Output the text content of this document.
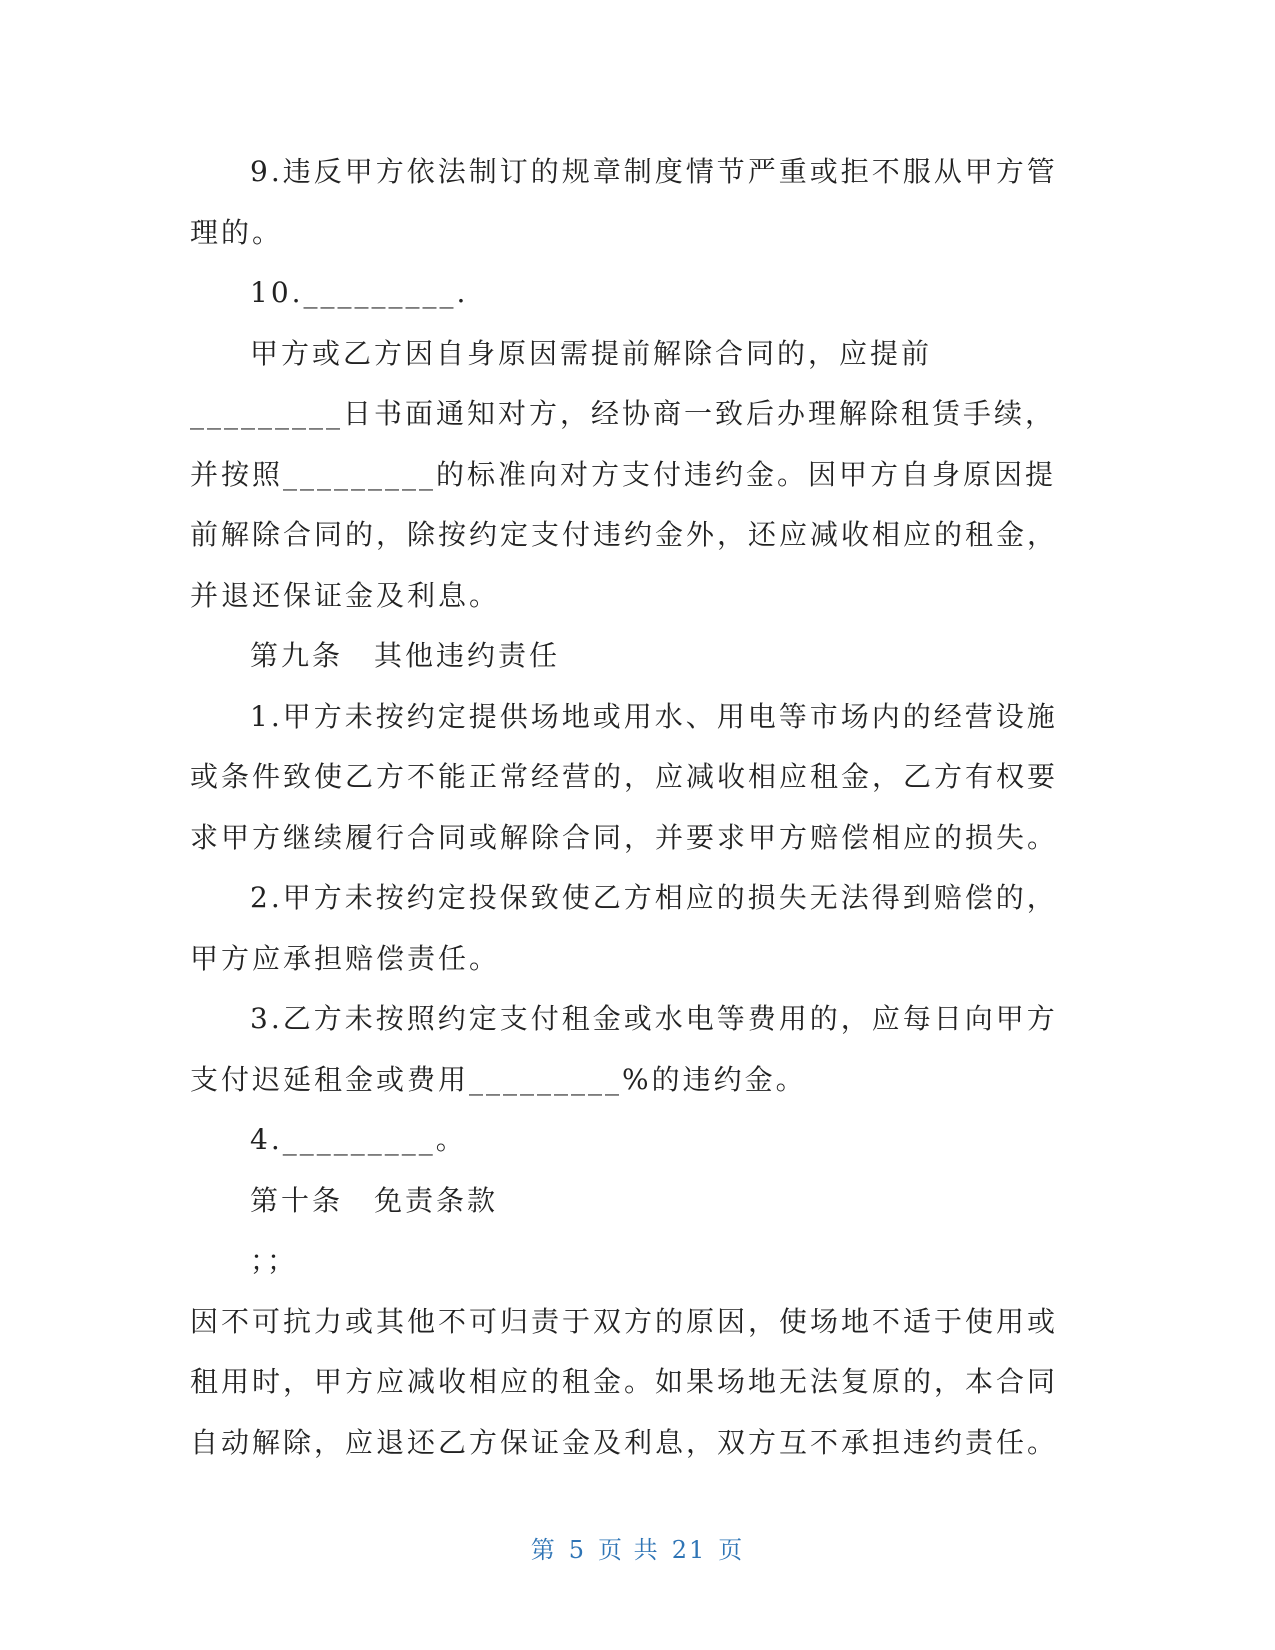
9.违反甲方依法制订的规章制度情节严重或拒不服从甲方管理的。

10._________.

甲方或乙方因自身原因需提前解除合同的，应提前_________日书面通知对方，经协商一致后办理解除租赁手续，并按照_________的标准向对方支付违约金。因甲方自身原因提前解除合同的，除按约定支付违约金外，还应减收相应的租金，并退还保证金及利息。

第九条　其他违约责任

1.甲方未按约定提供场地或用水、用电等市场内的经营设施或条件致使乙方不能正常经营的，应减收相应租金，乙方有权要求甲方继续履行合同或解除合同，并要求甲方赔偿相应的损失。

2.甲方未按约定投保致使乙方相应的损失无法得到赔偿的，甲方应承担赔偿责任。

3.乙方未按照约定支付租金或水电等费用的，应每日向甲方支付迟延租金或费用_________%的违约金。

4._________。

第十条　免责条款

；；

因不可抗力或其他不可归责于双方的原因，使场地不适于使用或租用时，甲方应减收相应的租金。如果场地无法复原的，本合同自动解除，应退还乙方保证金及利息，双方互不承担违约责任。

第 5 页 共 21 页
